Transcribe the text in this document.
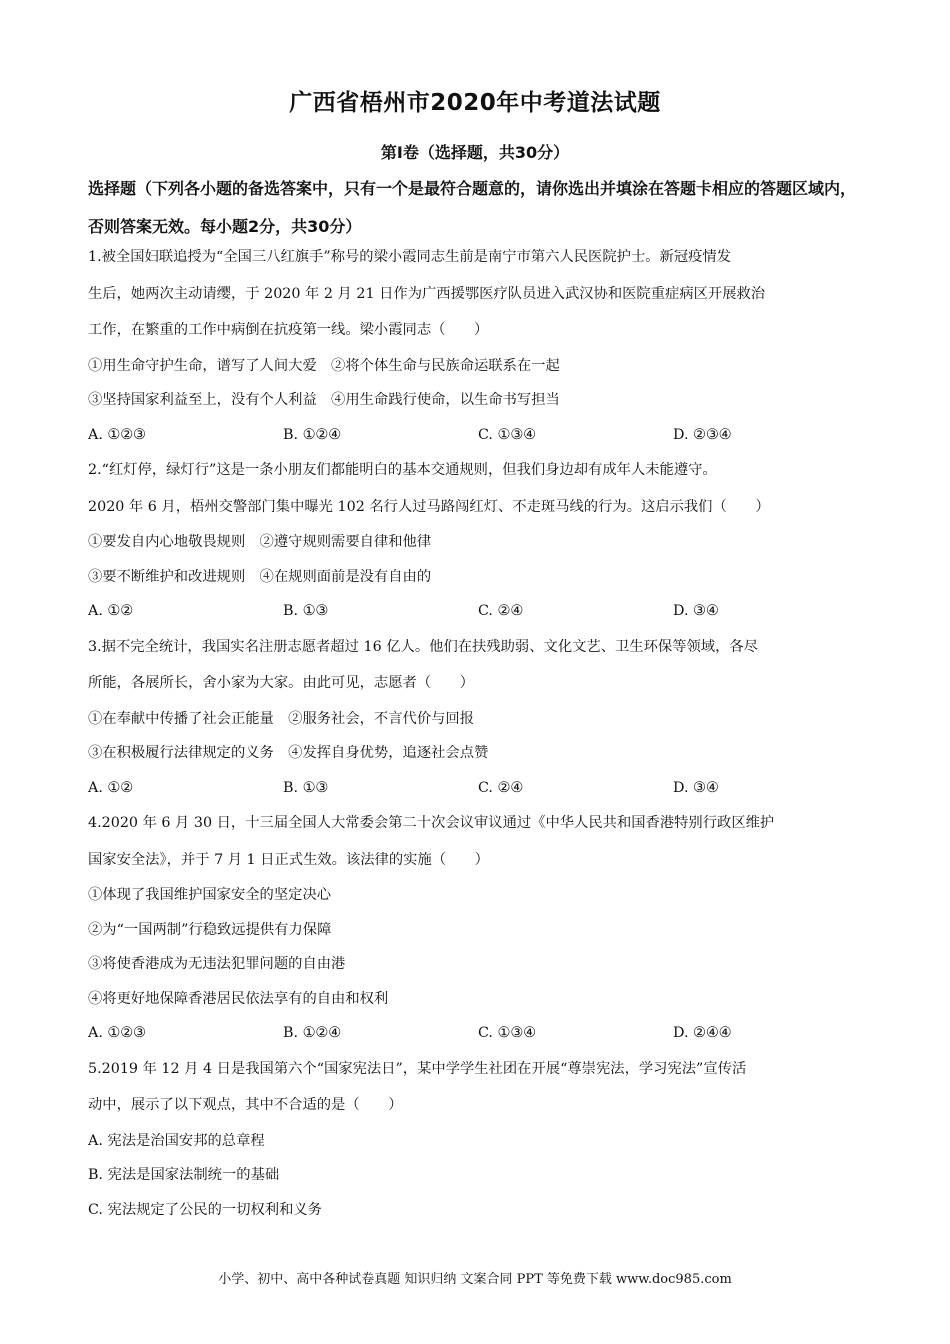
广西省梧州市2020年中考道法试题
第Ⅰ卷（选择题，共30分）
选择题（下列各小题的备选答案中，只有一个是最符合题意的，请你选出并填涂在答题卡相应的答题区域内，否则答案无效。每小题2分，共30分）
1.被全国妇联追授为“全国三八红旗手”称号的梁小霞同志生前是南宁市第六人民医院护士。新冠疫情发
生后，她两次主动请缨，于 2020 年 2 月 21 日作为广西援鄂医疗队员进入武汉协和医院重症病区开展救治
工作，在繁重的工作中病倒在抗疫第一线。梁小霞同志（　　）
①用生命守护生命，谱写了人间大爱　②将个体生命与民族命运联系在一起
③坚持国家利益至上，没有个人利益　④用生命践行使命，以生命书写担当
A. ①②③	B. ①②④	C. ①③④	D. ②③④
2.“红灯停，绿灯行”这是一条小朋友们都能明白的基本交通规则，但我们身边却有成年人未能遵守。
2020 年 6 月，梧州交警部门集中曝光 102 名行人过马路闯红灯、不走斑马线的行为。这启示我们（　　）
①要发自内心地敬畏规则　②遵守规则需要自律和他律
③要不断维护和改进规则　④在规则面前是没有自由的
A. ①②	B. ①③	C. ②④	D. ③④
3.据不完全统计，我国实名注册志愿者超过 16 亿人。他们在扶残助弱、文化文艺、卫生环保等领域，各尽
所能，各展所长，舍小家为大家。由此可见，志愿者（　　）
①在奉献中传播了社会正能量　②服务社会，不言代价与回报
③在积极履行法律规定的义务　④发挥自身优势，追逐社会点赞
A. ①②	B. ①③	C. ②④	D. ③④
4.2020 年 6 月 30 日，十三届全国人大常委会第二十次会议审议通过《中华人民共和国香港特别行政区维护
国家安全法》，并于 7 月 1 日正式生效。该法律的实施（　　）
①体现了我国维护国家安全的坚定决心
②为“一国两制”行稳致远提供有力保障
③将使香港成为无违法犯罪问题的自由港
④将更好地保障香港居民依法享有的自由和权利
A. ①②③	B. ①②④	C. ①③④	D. ②④④
5.2019 年 12 月 4 日是我国第六个“国家宪法日”，某中学学生社团在开展“尊崇宪法，学习宪法”宣传活
动中，展示了以下观点，其中不合适的是（　　）
A. 宪法是治国安邦的总章程
B. 宪法是国家法制统一的基础
C. 宪法规定了公民的一切权利和义务
小学、初中、高中各种试卷真题 知识归纳 文案合同 PPT 等免费下载 www.doc985.com
